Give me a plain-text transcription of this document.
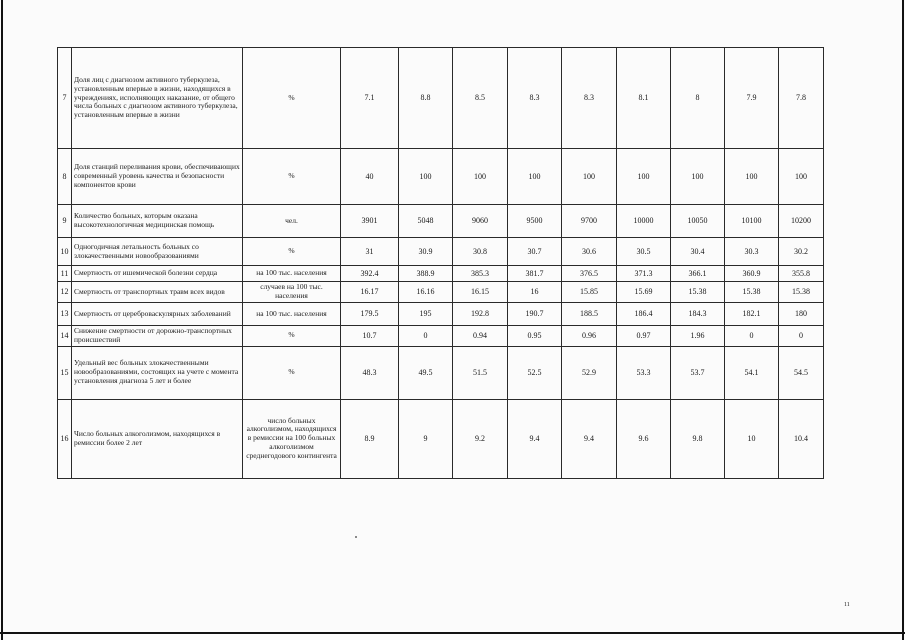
7	Доля лиц с диагнозом активного туберкулеза, установленным впервые в жизни, находящихся в учреждениях, исполняющих наказание, от общего числа больных с диагнозом активного туберкулеза, установленным впервые в жизни	%	7.1	8.8	8.5	8.3	8.3	8.1	8	7.9	7.8
8	Доля станций переливания крови, обеспечивающих современный уровень качества и безопасности компонентов крови	%	40	100	100	100	100	100	100	100	100
9	Количество больных, которым оказана высокотехнологичная медицинская помощь	чел.	3901	5048	9060	9500	9700	10000	10050	10100	10200
10	Одногодичная летальность больных со злокачественными новообразованиями	%	31	30.9	30.8	30.7	30.6	30.5	30.4	30.3	30.2
11	Смертность от ишемической болезни сердца	на 100 тыс. населения	392.4	388.9	385.3	381.7	376.5	371.3	366.1	360.9	355.8
12	Смертность от транспортных травм всех видов	случаев на 100 тыс. населения	16.17	16.16	16.15	16	15.85	15.69	15.38	15.38	15.38
13	Смертность от цереброваскулярных заболеваний	на 100 тыс. населения	179.5	195	192.8	190.7	188.5	186.4	184.3	182.1	180
14	Снижение смертности от дорожно-транспортных происшествий	%	10.7	0	0.94	0.95	0.96	0.97	1.96	0	0
15	Удельный вес больных злокачественными новообразованиями, состоящих на учете с момента установления диагноза 5 лет и более	%	48.3	49.5	51.5	52.5	52.9	53.3	53.7	54.1	54.5
16	Число больных алкоголизмом, находящихся в ремиссии более 2 лет	число больных алкоголизмом, находящихся в ремиссии на 100 больных алкоголизмом среднегодового контингента	8.9	9	9.2	9.4	9.4	9.6	9.8	10	10.4
11
